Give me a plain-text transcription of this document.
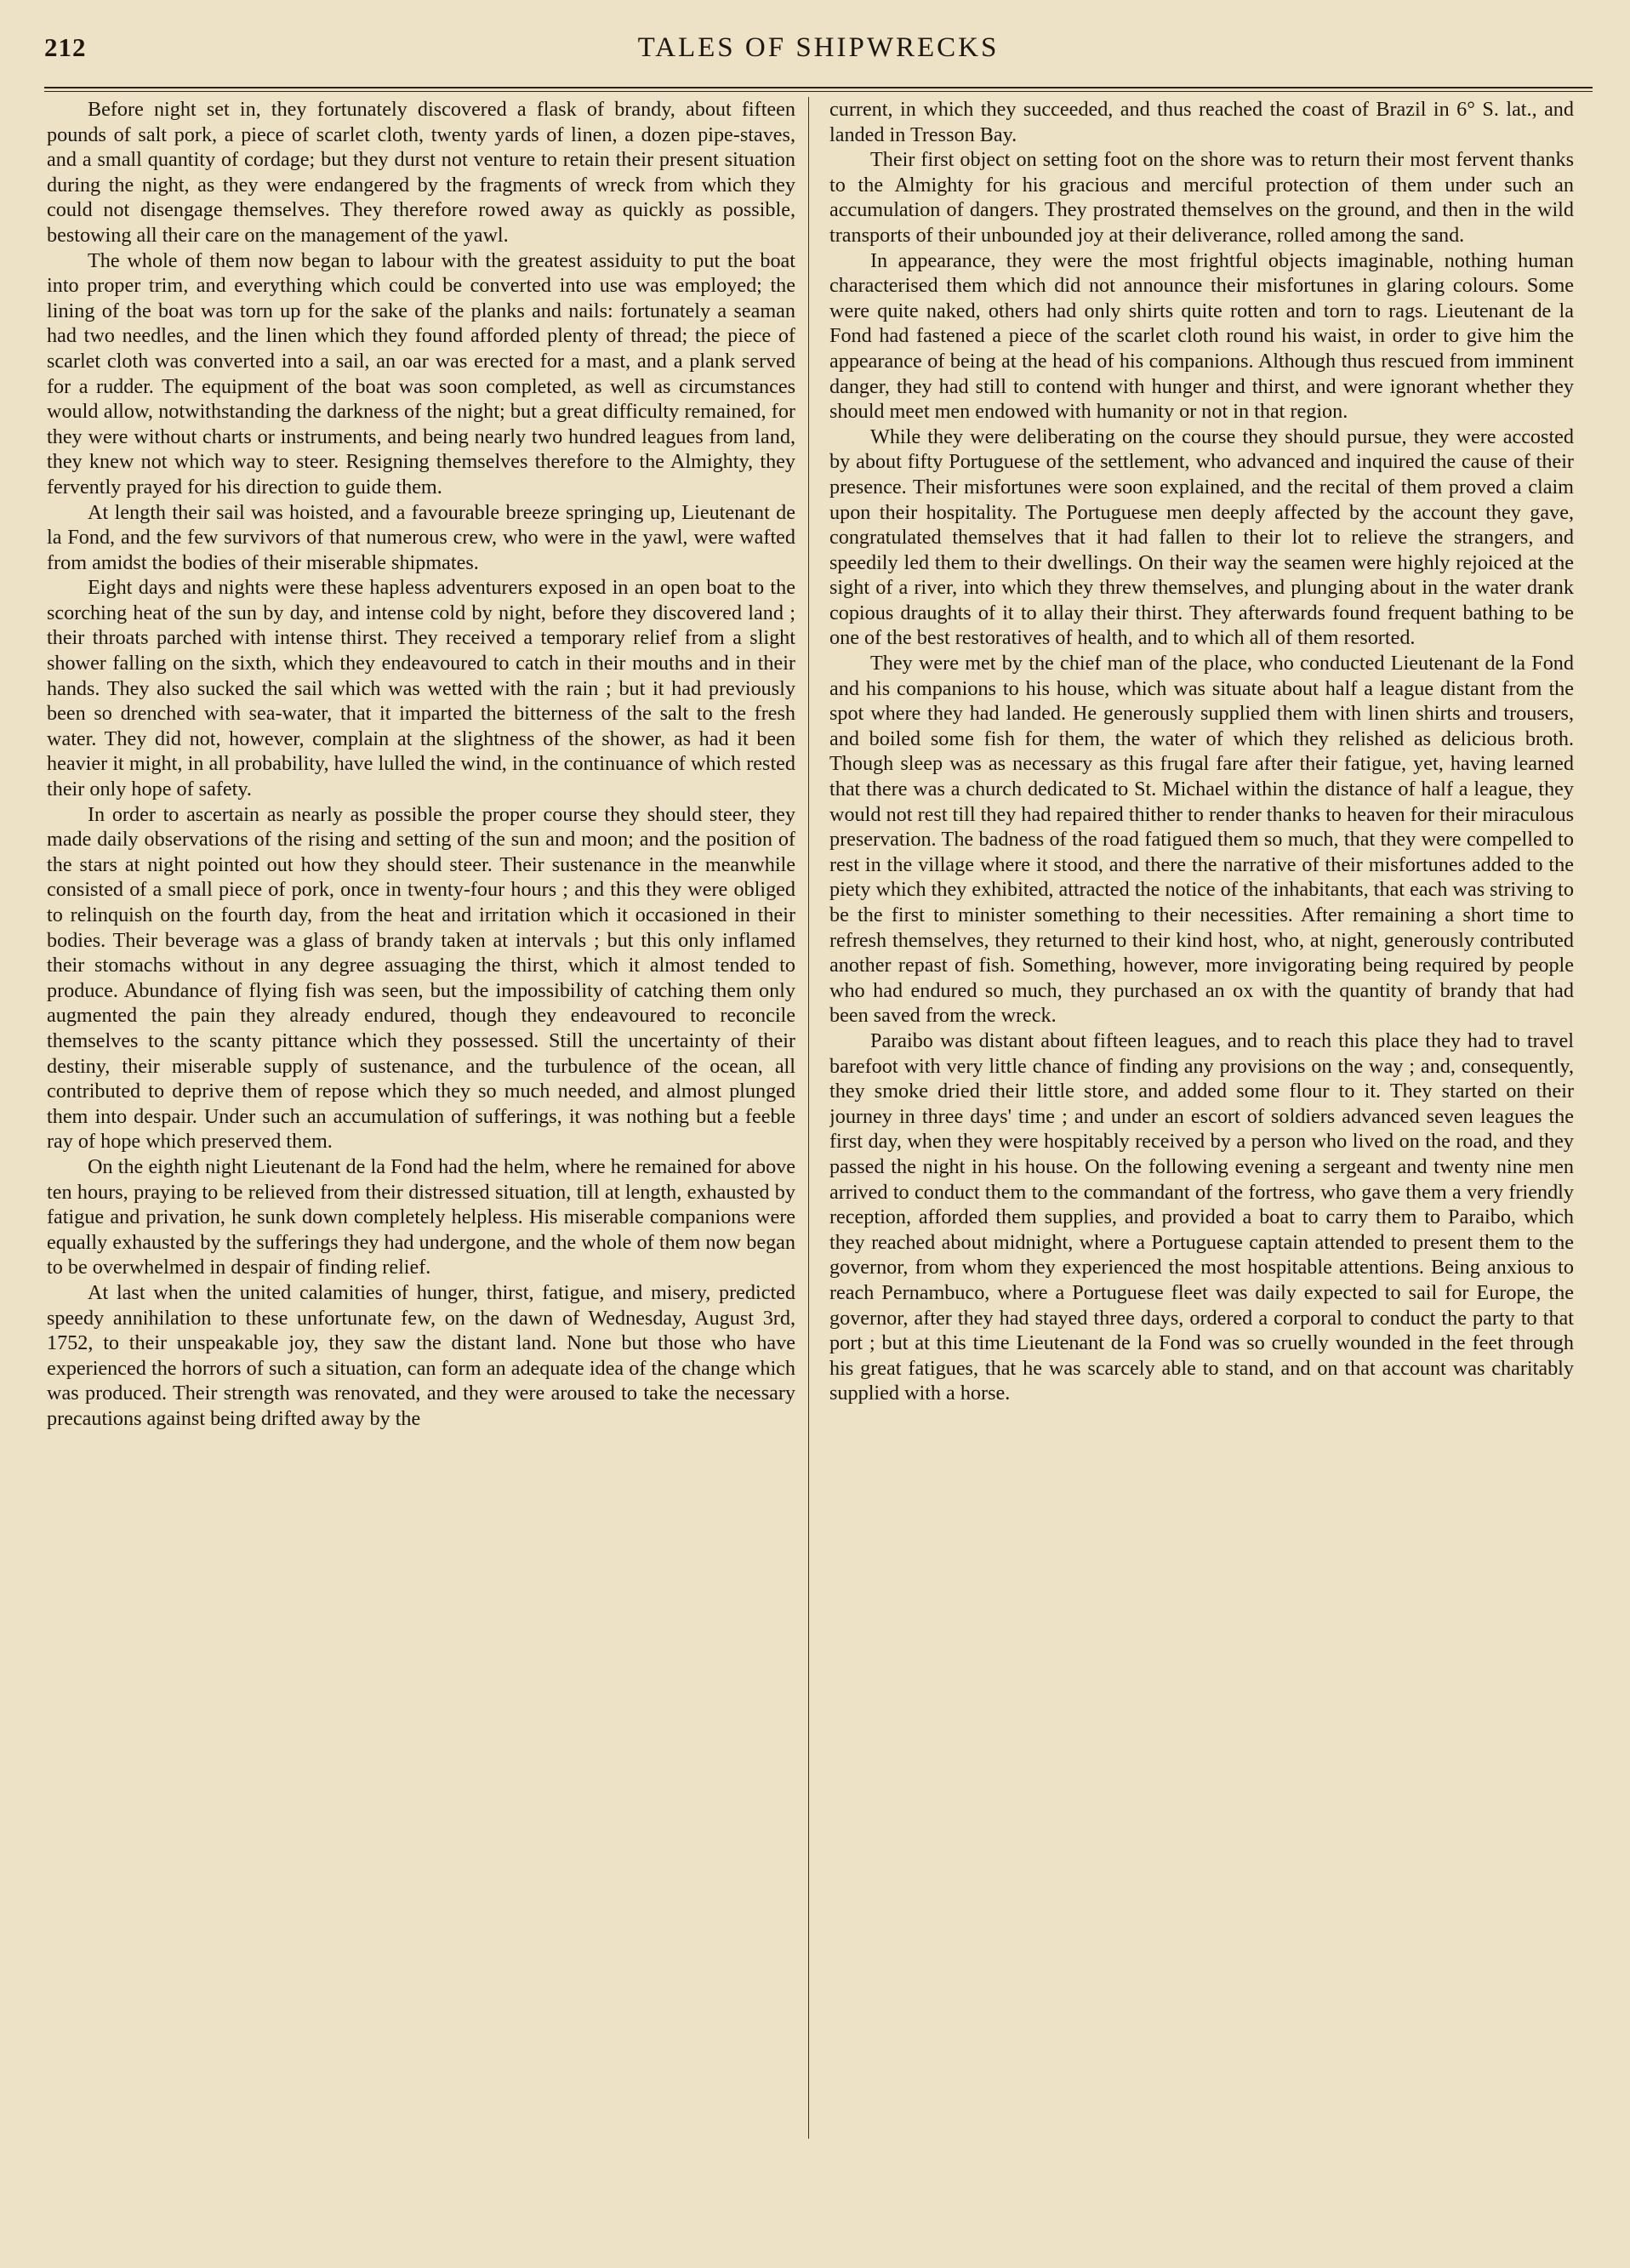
212	TALES OF SHIPWRECKS

Before night set in, they fortunately discovered a flask of brandy, about fifteen pounds of salt pork, a piece of scarlet cloth, twenty yards of linen, a dozen pipe-staves, and a small quantity of cordage; but they durst not venture to retain their present situation during the night, as they were endangered by the fragments of wreck from which they could not disengage themselves. They therefore rowed away as quickly as possible, bestowing all their care on the management of the yawl.

The whole of them now began to labour with the greatest assiduity to put the boat into proper trim, and everything which could be converted into use was employed; the lining of the boat was torn up for the sake of the planks and nails: fortunately a seaman had two needles, and the linen which they found afforded plenty of thread; the piece of scarlet cloth was converted into a sail, an oar was erected for a mast, and a plank served for a rudder. The equipment of the boat was soon completed, as well as circumstances would allow, notwithstanding the darkness of the night; but a great difficulty remained, for they were without charts or instruments, and being nearly two hundred leagues from land, they knew not which way to steer. Resigning themselves therefore to the Almighty, they fervently prayed for his direction to guide them.

At length their sail was hoisted, and a favourable breeze springing up, Lieutenant de la Fond, and the few survivors of that numerous crew, who were in the yawl, were wafted from amidst the bodies of their miserable shipmates.

Eight days and nights were these hapless adventurers exposed in an open boat to the scorching heat of the sun by day, and intense cold by night, before they discovered land ; their throats parched with intense thirst. They received a temporary relief from a slight shower falling on the sixth, which they endeavoured to catch in their mouths and in their hands. They also sucked the sail which was wetted with the rain ; but it had previously been so drenched with sea-water, that it imparted the bitterness of the salt to the fresh water. They did not, however, complain at the slightness of the shower, as had it been heavier it might, in all probability, have lulled the wind, in the continuance of which rested their only hope of safety.

In order to ascertain as nearly as possible the proper course they should steer, they made daily observations of the rising and setting of the sun and moon; and the position of the stars at night pointed out how they should steer. Their sustenance in the meanwhile consisted of a small piece of pork, once in twenty-four hours ; and this they were obliged to relinquish on the fourth day, from the heat and irritation which it occasioned in their bodies. Their beverage was a glass of brandy taken at intervals ; but this only inflamed their stomachs without in any degree assuaging the thirst, which it almost tended to produce. Abundance of flying fish was seen, but the impossibility of catching them only augmented the pain they already endured, though they endeavoured to reconcile themselves to the scanty pittance which they possessed. Still the uncertainty of their destiny, their miserable supply of sustenance, and the turbulence of the ocean, all contributed to deprive them of repose which they so much needed, and almost plunged them into despair. Under such an accumulation of sufferings, it was nothing but a feeble ray of hope which preserved them.

On the eighth night Lieutenant de la Fond had the helm, where he remained for above ten hours, praying to be relieved from their distressed situation, till at length, exhausted by fatigue and privation, he sunk down completely helpless. His miserable companions were equally exhausted by the sufferings they had undergone, and the whole of them now began to be overwhelmed in despair of finding relief.

At last when the united calamities of hunger, thirst, fatigue, and misery, predicted speedy annihilation to these unfortunate few, on the dawn of Wednesday, August 3rd, 1752, to their unspeakable joy, they saw the distant land. None but those who have experienced the horrors of such a situation, can form an adequate idea of the change which was produced. Their strength was renovated, and they were aroused to take the necessary precautions against being drifted away by the

current, in which they succeeded, and thus reached the coast of Brazil in 6° S. lat., and landed in Tresson Bay.

Their first object on setting foot on the shore was to return their most fervent thanks to the Almighty for his gracious and merciful protection of them under such an accumulation of dangers. They prostrated themselves on the ground, and then in the wild transports of their unbounded joy at their deliverance, rolled among the sand.

In appearance, they were the most frightful objects imaginable, nothing human characterised them which did not announce their misfortunes in glaring colours. Some were quite naked, others had only shirts quite rotten and torn to rags. Lieutenant de la Fond had fastened a piece of the scarlet cloth round his waist, in order to give him the appearance of being at the head of his companions. Although thus rescued from imminent danger, they had still to contend with hunger and thirst, and were ignorant whether they should meet men endowed with humanity or not in that region.

While they were deliberating on the course they should pursue, they were accosted by about fifty Portuguese of the settlement, who advanced and inquired the cause of their presence. Their misfortunes were soon explained, and the recital of them proved a claim upon their hospitality. The Portuguese men deeply affected by the account they gave, congratulated themselves that it had fallen to their lot to relieve the strangers, and speedily led them to their dwellings. On their way the seamen were highly rejoiced at the sight of a river, into which they threw themselves, and plunging about in the water drank copious draughts of it to allay their thirst. They afterwards found frequent bathing to be one of the best restoratives of health, and to which all of them resorted.

They were met by the chief man of the place, who conducted Lieutenant de la Fond and his companions to his house, which was situate about half a league distant from the spot where they had landed. He generously supplied them with linen shirts and trousers, and boiled some fish for them, the water of which they relished as delicious broth. Though sleep was as necessary as this frugal fare after their fatigue, yet, having learned that there was a church dedicated to St. Michael within the distance of half a league, they would not rest till they had repaired thither to render thanks to heaven for their miraculous preservation. The badness of the road fatigued them so much, that they were compelled to rest in the village where it stood, and there the narrative of their misfortunes added to the piety which they exhibited, attracted the notice of the inhabitants, that each was striving to be the first to minister something to their necessities. After remaining a short time to refresh themselves, they returned to their kind host, who, at night, generously contributed another repast of fish. Something, however, more invigorating being required by people who had endured so much, they purchased an ox with the quantity of brandy that had been saved from the wreck.

Paraibo was distant about fifteen leagues, and to reach this place they had to travel barefoot with very little chance of finding any provisions on the way ; and, consequently, they smoke dried their little store, and added some flour to it. They started on their journey in three days' time ; and under an escort of soldiers advanced seven leagues the first day, when they were hospitably received by a person who lived on the road, and they passed the night in his house. On the following evening a sergeant and twenty nine men arrived to conduct them to the commandant of the fortress, who gave them a very friendly reception, afforded them supplies, and provided a boat to carry them to Paraibo, which they reached about midnight, where a Portuguese captain attended to present them to the governor, from whom they experienced the most hospitable attentions. Being anxious to reach Pernambuco, where a Portuguese fleet was daily expected to sail for Europe, the governor, after they had stayed three days, ordered a corporal to conduct the party to that port ; but at this time Lieutenant de la Fond was so cruelly wounded in the feet through his great fatigues, that he was scarcely able to stand, and on that account was charitably supplied with a horse.
